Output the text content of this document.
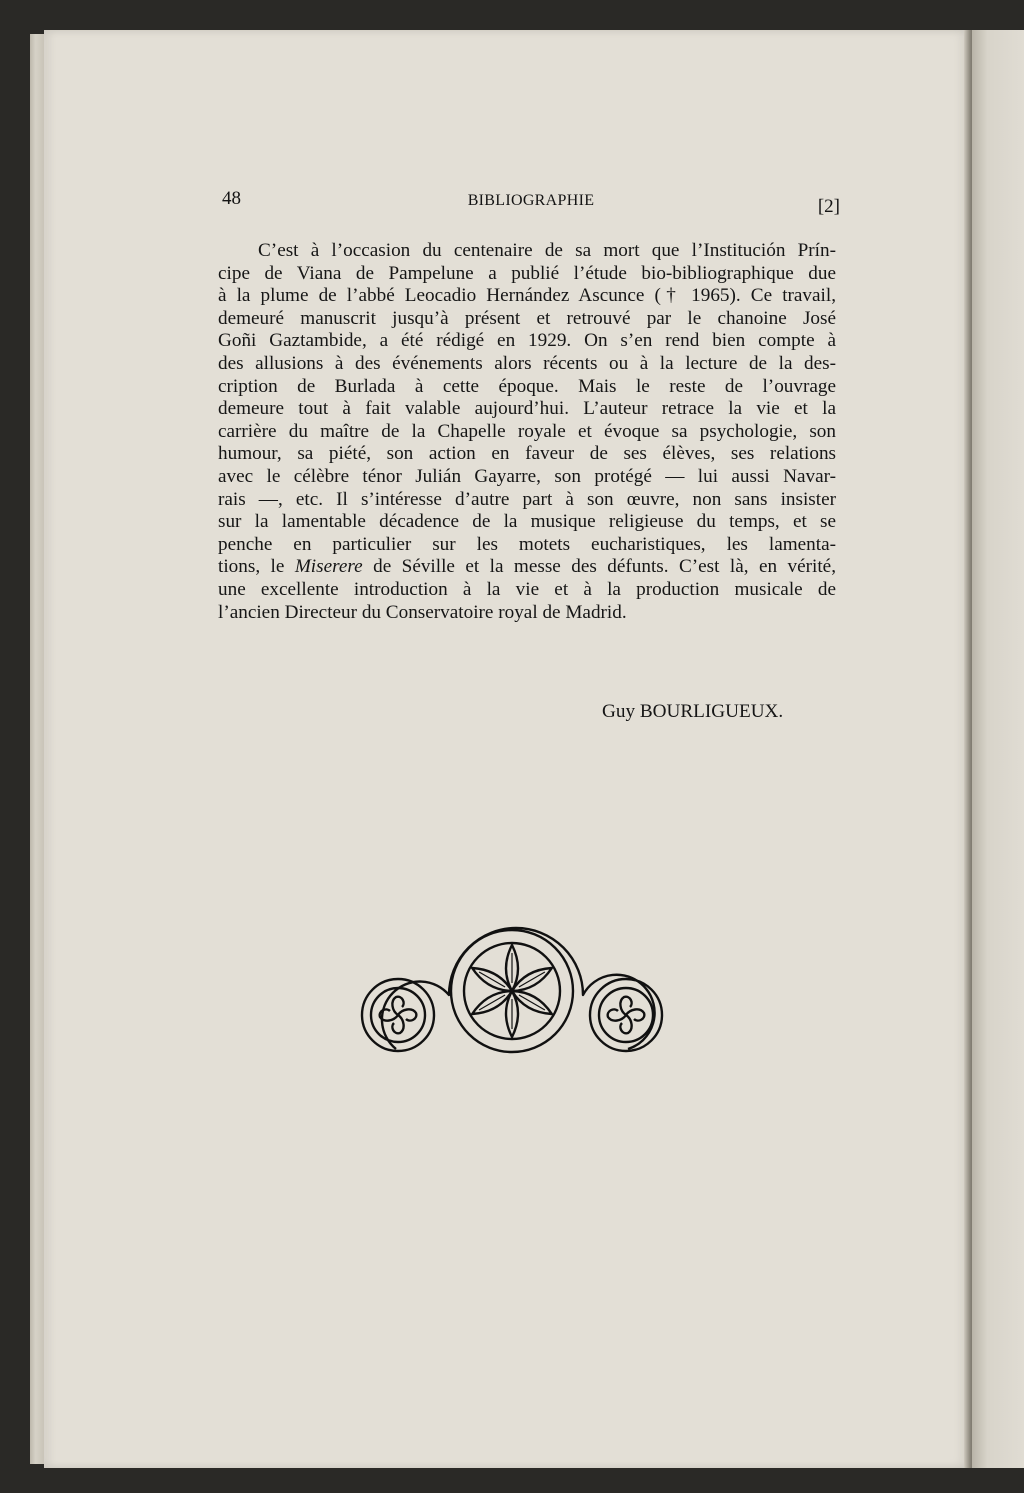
48	BIBLIOGRAPHIE	[2]
C’est à l’occasion du centenaire de sa mort que l’Institución Prín-
cipe de Viana de Pampelune a publié l’étude bio-bibliographique due
à la plume de l’abbé Leocadio Hernández Ascunce († 1965). Ce travail,
demeuré manuscrit jusqu’à présent et retrouvé par le chanoine José
Goñi Gaztambide, a été rédigé en 1929. On s’en rend bien compte à
des allusions à des événements alors récents ou à la lecture de la des-
cription de Burlada à cette époque. Mais le reste de l’ouvrage
demeure tout à fait valable aujourd’hui. L’auteur retrace la vie et la
carrière du maître de la Chapelle royale et évoque sa psychologie, son
humour, sa piété, son action en faveur de ses élèves, ses relations
avec le célèbre ténor Julián Gayarre, son protégé — lui aussi Navar-
rais —, etc. Il s’intéresse d’autre part à son œuvre, non sans insister
sur la lamentable décadence de la musique religieuse du temps, et se
penche en particulier sur les motets eucharistiques, les lamenta-
tions, le Miserere de Séville et la messe des défunts. C’est là, en vérité,
une excellente introduction à la vie et à la production musicale de
l’ancien Directeur du Conservatoire royal de Madrid.
Guy BOURLIGUEUX.
